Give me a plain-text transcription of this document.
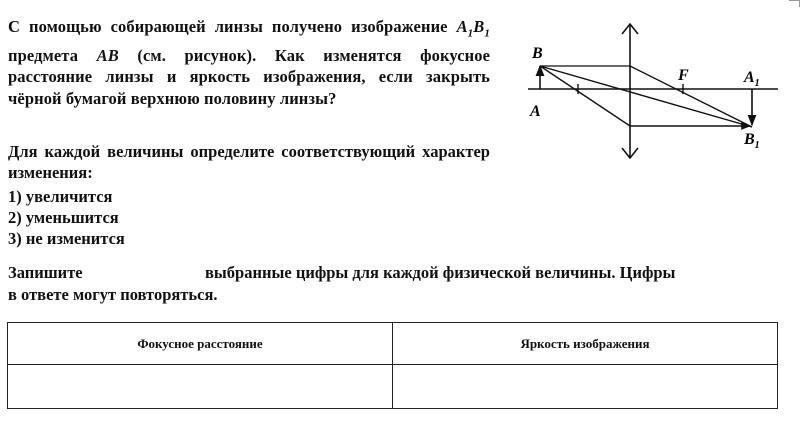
С помощью собирающей линзы получено изображение $A_1B_1$ предмета AB (см. рисунок). Как изменятся фокусное расстояние линзы и яркость изображения, если закрыть чёрной бумагой верхнюю половину линзы?
B
A
F	$A_1$
$B_1$
Для каждой величины определите соответствующий характер изменения:
1) увеличится
2) уменьшится
3) не изменится
Запишите	выбранные цифры для каждой физической величины. Цифры
в ответе могут повторяться.
Фокусное расстояние	Яркость изображения
